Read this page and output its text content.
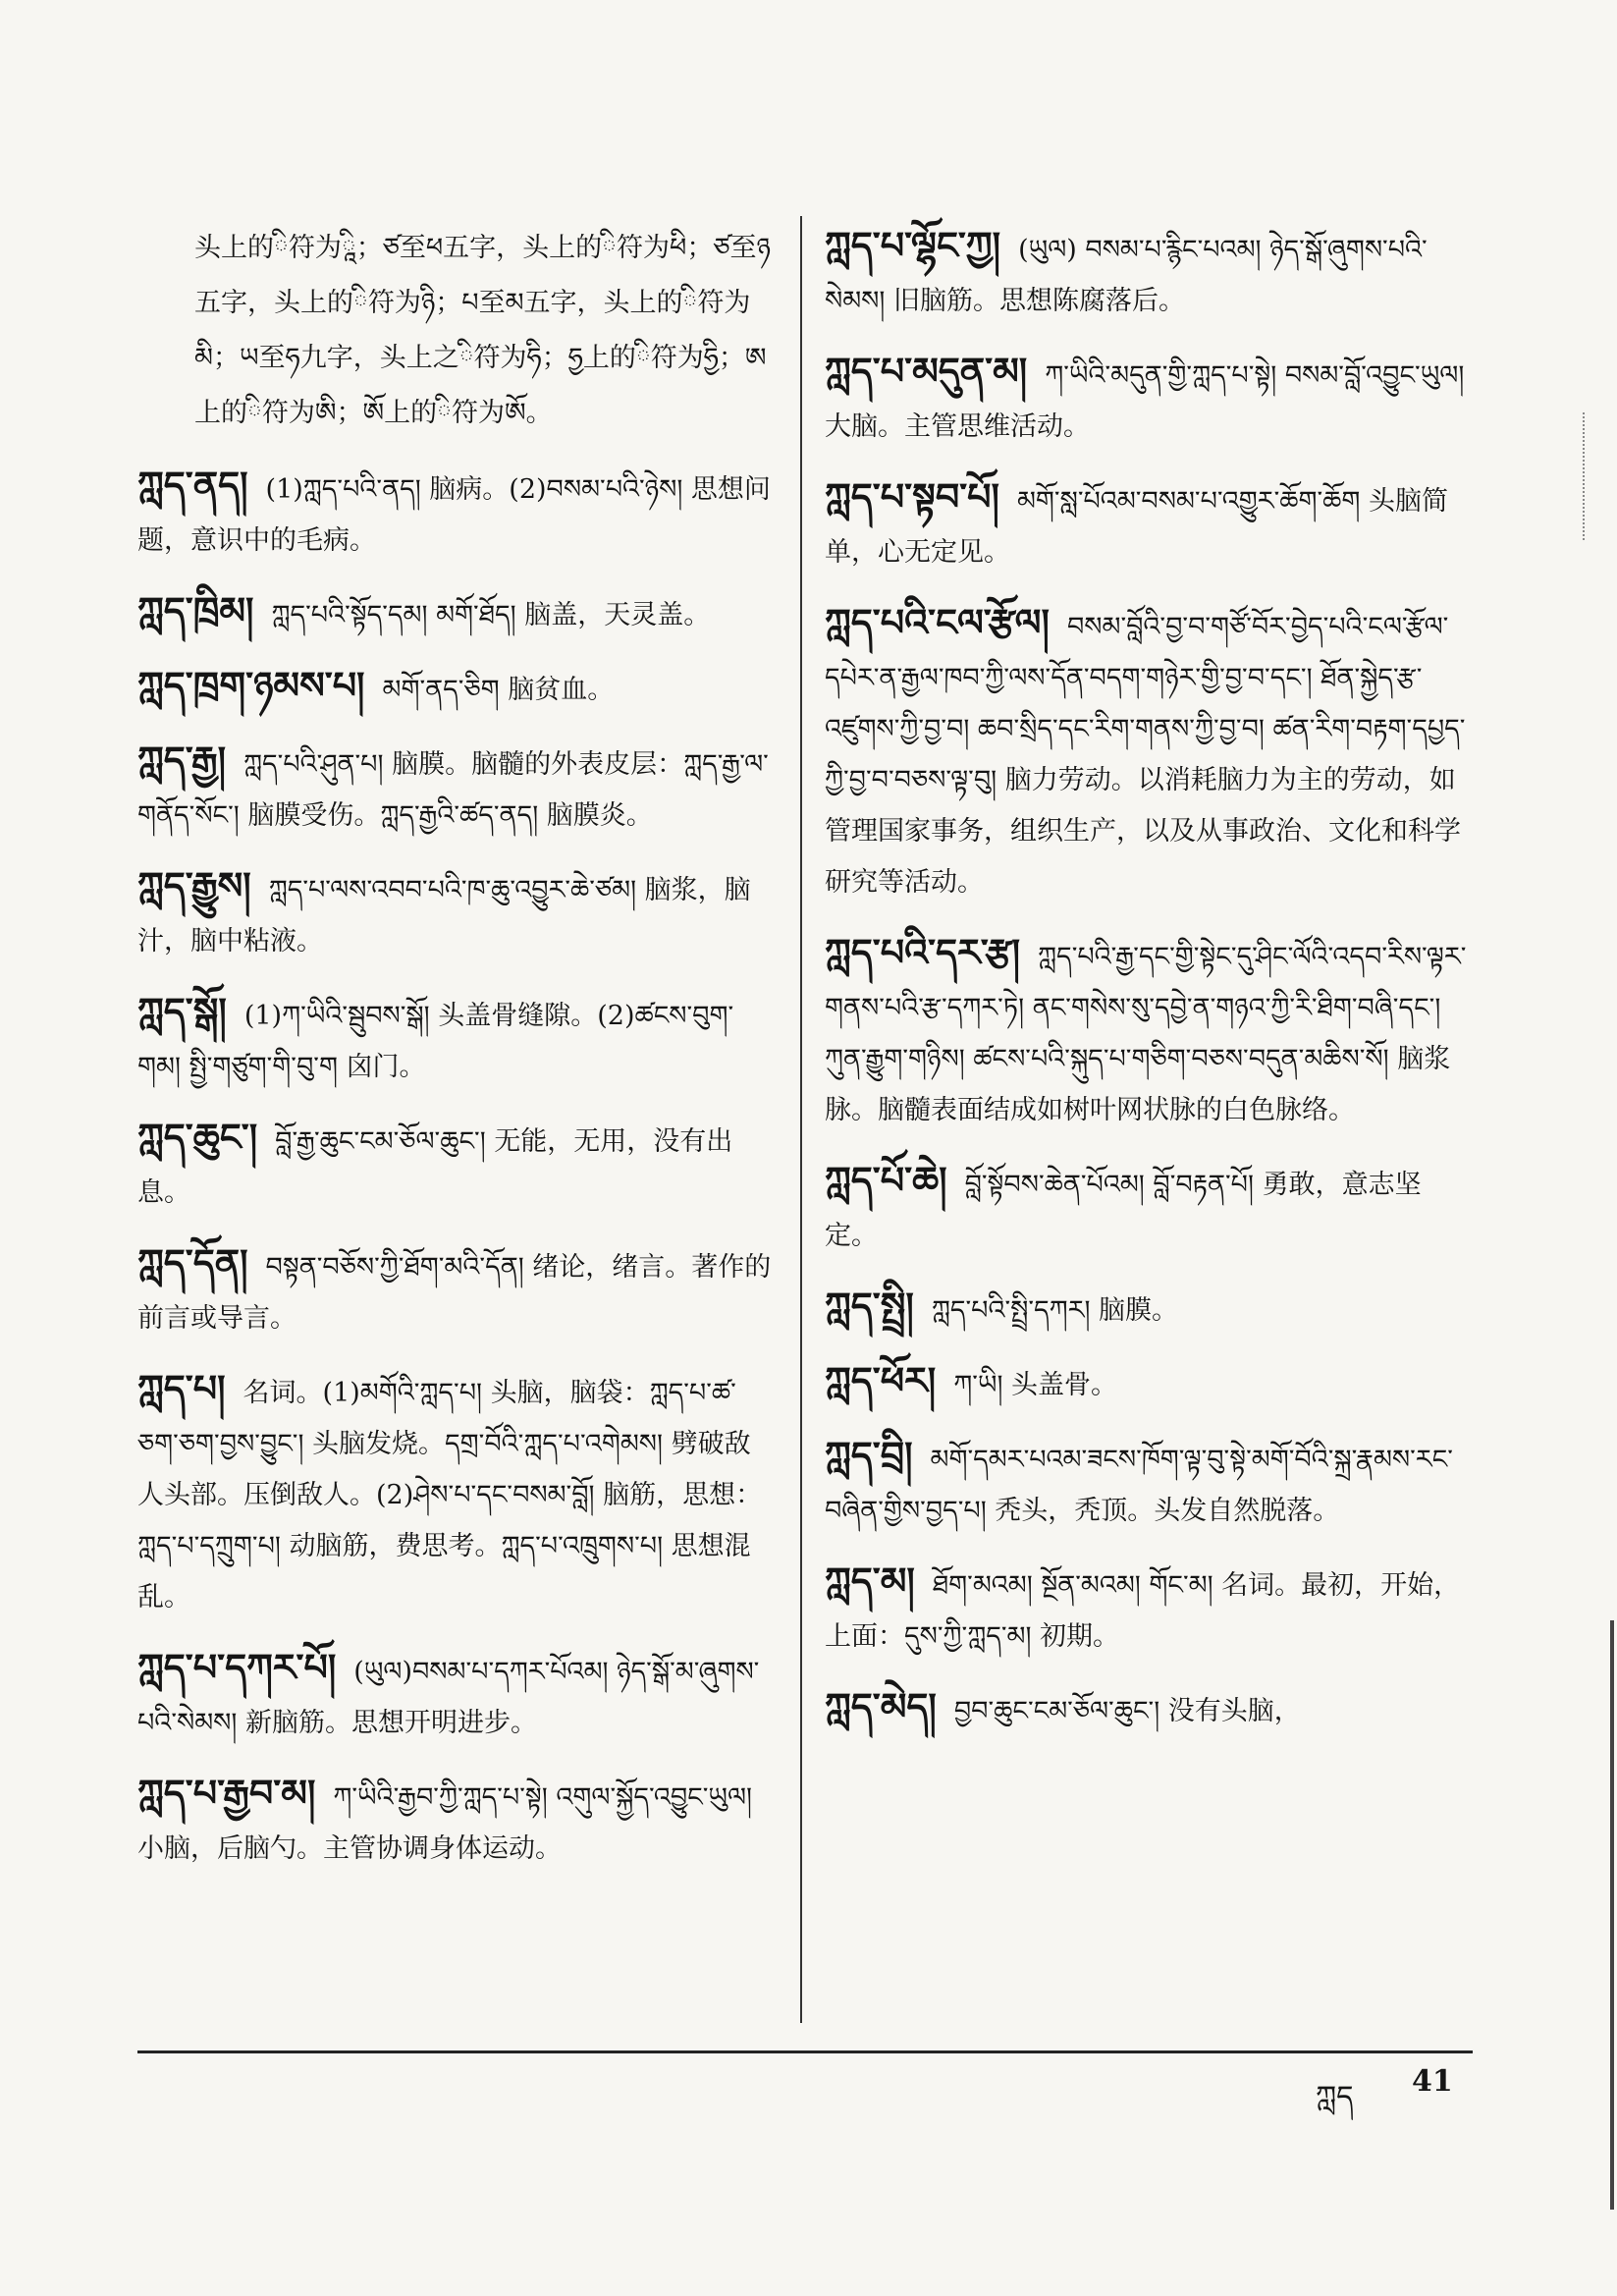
头上的ི符为ཱི；ཙ至ཕ五字，头上的ི符为ཕི；ཙ至ཉ五字，头上的ི符为ཉི；པ至མ五字，头上的ི符为མི；ཡ至ཧ九字，头上之ི符为ཧི；ཧྱ上的ི符为ཧྱི；ཨ上的ི符为ཨི；ཨོ上的ི符为ཨོ。
ཀླད་ནད། (1)ཀླད་པའི་ནད། 脑病。(2)བསམ་པའི་ཉེས། 思想问题，意识中的毛病。
ཀླད་ཁྲིམ། ཀླད་པའི་སྟོད་དམ། མགོ་ཐོད། 脑盖，天灵盖。
ཀླད་ཁྲག་ཉམས་པ། མགོ་ནད་ཅིག 脑贫血。
ཀླད་རྒྱ། ཀླད་པའི་ཤུན་པ། 脑膜。脑髓的外表皮层：ཀླད་རྒྱ་ལ་གནོད་སོང་། 脑膜受伤。ཀླད་རྒྱའི་ཚད་ནད། 脑膜炎。
ཀླད་རྒྱུས། ཀླད་པ་ལས་འབབ་པའི་ཁ་ཆུ་འབྱུར་ཆེ་ཙམ། 脑浆，脑汁，脑中粘液。
ཀླད་སྒོ། (1)ཀ་ཡིའི་སྦུབས་སྒོ། 头盖骨缝隙。(2)ཚངས་བུག་གམ། སྤྱི་གཙུག་གི་བུ་ག 囟门。
ཀླད་ཆུང་། བློ་རྒྱ་ཆུང་ངམ་ཅོལ་ཆུང་། 无能，无用，没有出息。
ཀླད་དོན། བསྟན་བཅོས་ཀྱི་ཐོག་མའི་དོན། 绪论，绪言。著作的前言或导言。
ཀླད་པ། 名词。(1)མགོའི་ཀླད་པ། 头脑，脑袋：ཀླད་པ་ཚ་ཅག་ཅག་བྱས་བྱུང་། 头脑发烧。དགྲ་བོའི་ཀླད་པ་འགེམས། 劈破敌人头部。压倒敌人。(2)ཤེས་པ་དང་བསམ་བློ། 脑筋，思想：ཀླད་པ་དཀྲུག་པ། 动脑筋，费思考。ཀླད་པ་འཁྲུགས་པ། 思想混乱。
ཀླད་པ་དཀར་པོ། (ཡུལ)བསམ་པ་དཀར་པོའམ། ཉེད་སྒོ་མ་ཞུགས་པའི་སེམས། 新脑筋。思想开明进步。
ཀླད་པ་རྒྱབ་མ། ཀ་ཡིའི་རྒྱབ་ཀྱི་ཀླད་པ་སྟེ། འགུལ་སྐྱོད་འབྱུང་ཡུལ། 小脑，后脑勺。主管协调身体运动。
ཀླད་པ་ལྷོང་ཀྱ། (ཡུལ) བསམ་པ་རྙིང་པའམ། ཉེད་སྒོ་ཞུགས་པའི་སེམས། 旧脑筋。思想陈腐落后。
ཀླད་པ་མདུན་མ། ཀ་ཡིའི་མདུན་གྱི་ཀླད་པ་སྟེ། བསམ་བློ་འབྱུང་ཡུལ། 大脑。主管思维活动。
ཀླད་པ་སྟབ་པོ། མགོ་སླ་པོའམ་བསམ་པ་འགྱུར་ཆོག་ཆོག 头脑简单，心无定见。
ཀླད་པའི་ངལ་རྩོལ། བསམ་བློའི་བྱ་བ་གཙོ་བོར་བྱེད་པའི་ངལ་རྩོལ་དཔེར་ན་རྒྱལ་ཁབ་ཀྱི་ལས་དོན་བདག་གཉེར་གྱི་བྱ་བ་དང་། ཐོན་སྐྱེད་རྩ་འཛུགས་ཀྱི་བྱ་བ། ཆབ་སྲིད་དང་རིག་གནས་ཀྱི་བྱ་བ། ཚན་རིག་བརྟག་དཔྱད་ཀྱི་བྱ་བ་བཅས་ལྟ་བུ། 脑力劳动。以消耗脑力为主的劳动，如管理国家事务，组织生产，以及从事政治、文化和科学研究等活动。
ཀླད་པའི་དར་རྩ། ཀླད་པའི་རྒྱ་དང་གྱི་སྟེང་དུ་ཤིང་ལོའི་འདབ་རིས་ལྟར་གནས་པའི་རྩ་དཀར་ཏེ། ནང་གསེས་སུ་དབྱེ་ན་གཉའ་ཀྱི་རི་ཐིག་བཞི་དང་། ཀུན་རྒྱུག་གཉིས། ཚངས་པའི་སྐུད་པ་གཅིག་བཅས་བདུན་མཆིས་སོ། 脑浆脉。脑髓表面结成如树叶网状脉的白色脉络。
ཀླད་པོ་ཆེ། བློ་སྟོབས་ཆེན་པོའམ། བློ་བརྟན་པོ། 勇敢，意志坚定。
ཀླད་སྤྲི། ཀླད་པའི་སྤྲི་དཀར། 脑膜。
ཀླད་ཕོར། ཀ་ཡི། 头盖骨。
ཀླད་བྲི། མགོ་དམར་པའམ་ཟངས་ཁོག་ལྟ་བུ་སྟེ་མགོ་བོའི་སྐྲ་རྣམས་རང་བཞིན་གྱིས་བྱད་པ། 秃头，秃顶。头发自然脱落。
ཀླད་མ། ཐོག་མའམ། སྔོན་མའམ། གོང་མ། 名词。最初，开始，上面：དུས་ཀྱི་ཀླད་མ། 初期。
ཀླད་མེད། བྱབ་ཆུང་ངམ་ཅོལ་ཆུང་། 没有头脑，
ཀླད 41
